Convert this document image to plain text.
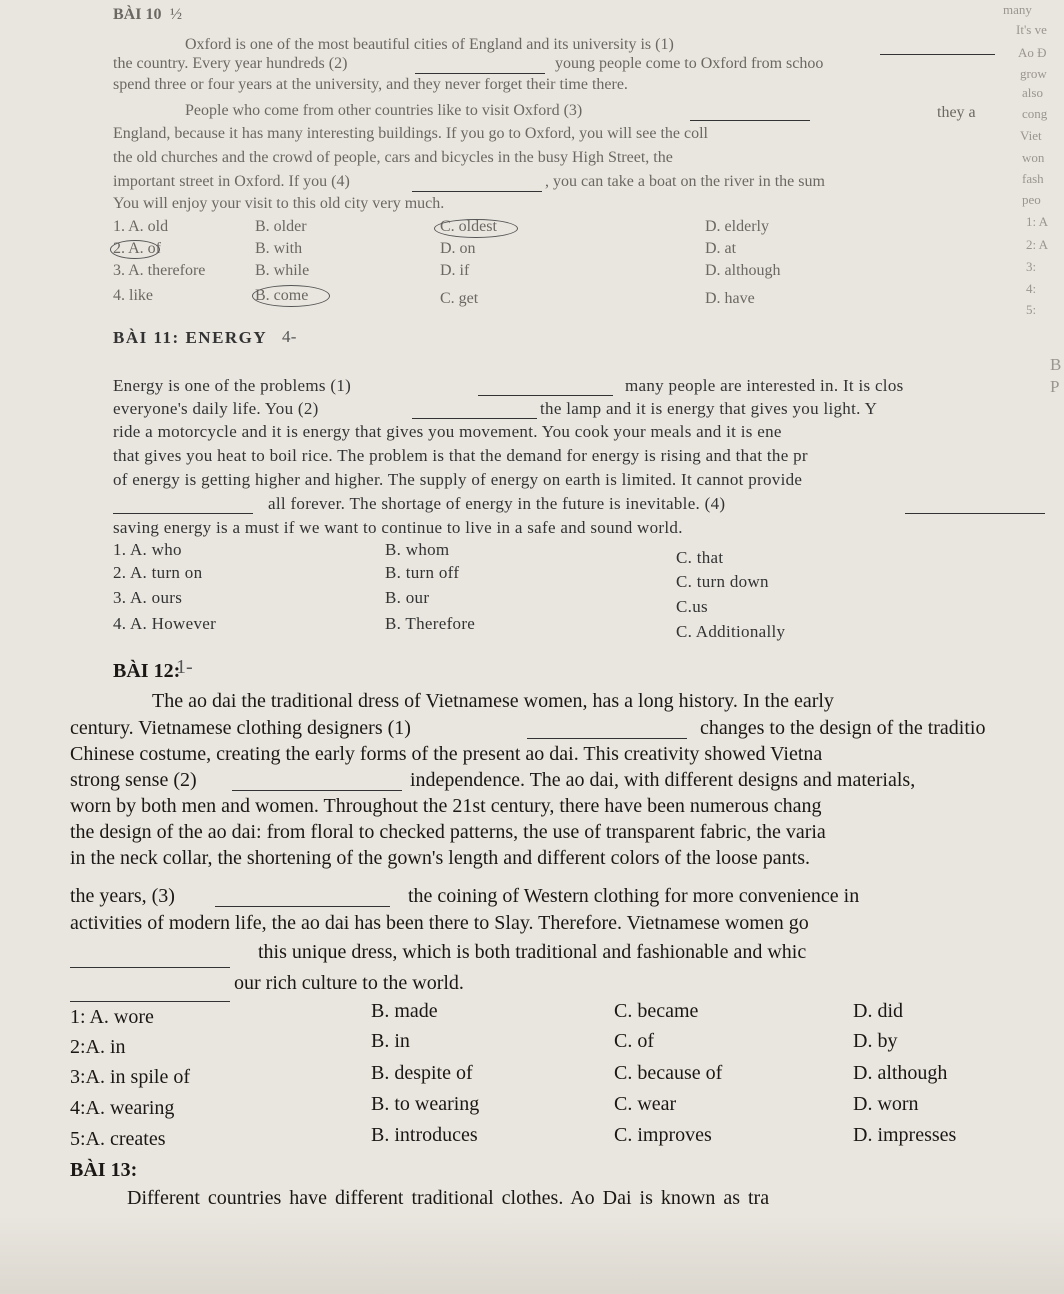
BÀI 10 ½	many
It's ve
Ao Đ
grow
also
cong
Viet
won
fash
peo
1: A
2: A
3:
4:
5:
Oxford is one of the most beautiful cities of England and its university is (1)
the country. Every year hundreds (2)	young people come to Oxford from schoo
spend three or four years at the university, and they never forget their time there.
People who come from other countries like to visit Oxford (3)	they a
England, because it has many interesting buildings. If you go to Oxford, you will see the coll
the old churches and the crowd of people, cars and bicycles in the busy High Street, the
important street in Oxford. If you (4)	, you can take a boat on the river in the sum
You will enjoy your visit to this old city very much.
1. A. old	B. older	C. oldest	D. elderly
2. A. of	B. with	D. on	D. at
3. A. therefore	B. while	D. if	D. although
4. like	B. come	C. get	D. have
BÀI 11: ENERGY 4-
B
P
Energy is one of the problems (1)	many people are interested in. It is clos
everyone's daily life. You (2)	the lamp and it is energy that gives you light. Y
ride a motorcycle and it is energy that gives you movement. You cook your meals and it is ene
that gives you heat to boil rice. The problem is that the demand for energy is rising and that the pr
of energy is getting higher and higher. The supply of energy on earth is limited. It cannot provide
all forever. The shortage of energy in the future is inevitable. (4)
saving energy is a must if we want to continue to live in a safe and sound world.
1. A. who	B. whom	C. that
2. A. turn on	B. turn off	C. turn down
3. A. ours	B. our	C.us
4. A. However	B. Therefore	C. Additionally
BÀI 12:
1-
The ao dai the traditional dress of Vietnamese women, has a long history. In the early
century. Vietnamese clothing designers (1)	changes to the design of the traditio
Chinese costume, creating the early forms of the present ao dai. This creativity showed Vietna
strong sense (2)	independence. The ao dai, with different designs and materials,
worn by both men and women. Throughout the 21st century, there have been numerous chang
the design of the ao dai: from floral to checked patterns, the use of transparent fabric, the varia
in the neck collar, the shortening of the gown's length and different colors of the loose pants.
the years, (3)	the coining of Western clothing for more convenience in
activities of modern life, the ao dai has been there to Slay. Therefore. Vietnamese women go
this unique dress, which is both traditional and fashionable and whic
our rich culture to the world.
1: A. wore	B. made	C. became	D. did
2:A. in	B. in	C. of	D. by
3:A. in spile of	B. despite of	C. because of	D. although
4:A. wearing	B. to wearing	C. wear	D. worn
5:A. creates	B. introduces	C. improves	D. impresses
BÀI 13:
Different countries have different traditional clothes. Ao Dai is known as tra
